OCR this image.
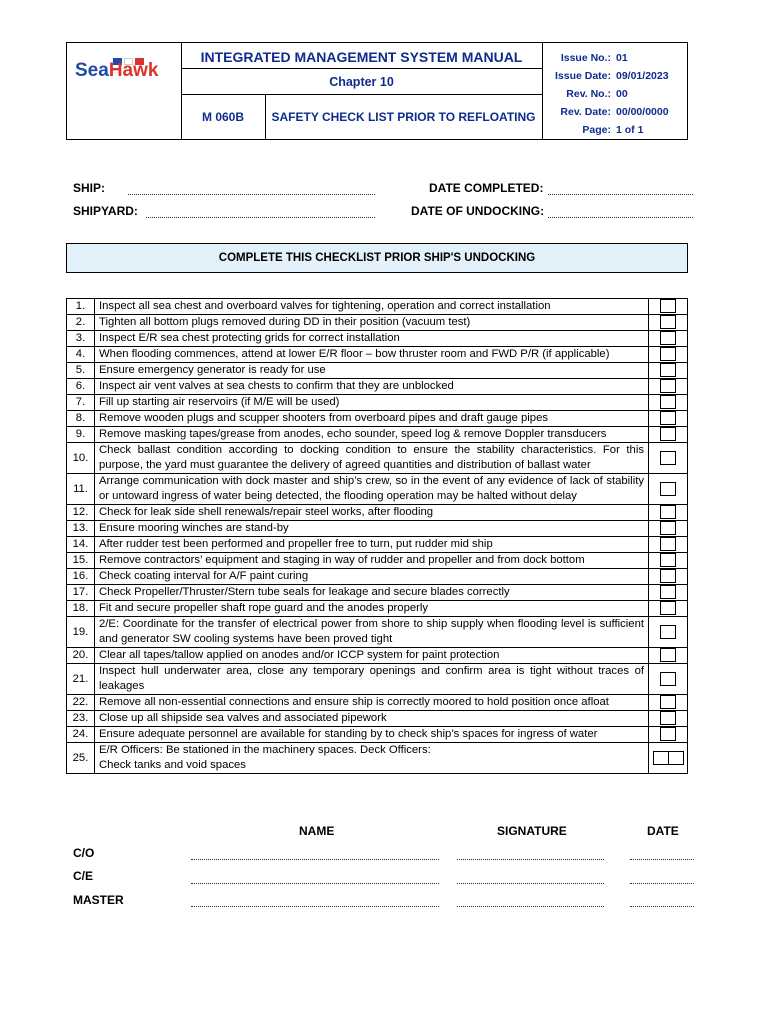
SeaHawk
INTEGRATED MANAGEMENT SYSTEM MANUAL
Chapter 10
M 060B	SAFETY CHECK LIST PRIOR TO REFLOATING
Issue No.: 01
Issue Date: 09/01/2023
Rev. No.: 00
Rev. Date: 00/00/0000
Page: 1 of 1
SHIP:
SHIPYARD:
DATE COMPLETED:
DATE OF UNDOCKING:
COMPLETE THIS CHECKLIST PRIOR SHIP'S UNDOCKING
1.	Inspect all sea chest and overboard valves for tightening, operation and correct installation	
2.	Tighten all bottom plugs removed during DD in their position (vacuum test)	
3.	Inspect E/R sea chest protecting grids for correct installation	
4.	When flooding commences, attend at lower E/R floor – bow thruster room and FWD P/R (if applicable)	
5.	Ensure emergency generator is ready for use	
6.	Inspect air vent valves at sea chests to confirm that they are unblocked	
7.	Fill up starting air reservoirs (if M/E will be used)	
8.	Remove wooden plugs and scupper shooters from overboard pipes and draft gauge pipes	
9.	Remove masking tapes/grease from anodes, echo sounder, speed log & remove Doppler transducers	
10.	Check ballast condition according to docking condition to ensure the stability characteristics. For this purpose, the yard must guarantee the delivery of agreed quantities and distribution of ballast water	
11.	Arrange communication with dock master and ship’s crew, so in the event of any evidence of lack of stability or untoward ingress of water being detected, the flooding operation may be halted without delay	
12.	Check for leak side shell renewals/repair steel works, after flooding	
13.	Ensure mooring winches are stand-by	
14.	After rudder test been performed and propeller free to turn, put rudder mid ship	
15.	Remove contractors’ equipment and staging in way of rudder and propeller and from dock bottom	
16.	Check coating interval for A/F paint curing	
17.	Check Propeller/Thruster/Stern tube seals for leakage and secure blades correctly	
18.	Fit and secure propeller shaft rope guard and the anodes properly	
19.	2/E: Coordinate for the transfer of electrical power from shore to ship supply when flooding level is sufficient and generator SW cooling systems have been proved tight	
20.	Clear all tapes/tallow applied on anodes and/or ICCP system for paint protection	
21.	Inspect hull underwater area, close any temporary openings and confirm area is tight without traces of leakages	
22.	Remove all non-essential connections and ensure ship is correctly moored to hold position once afloat	
23.	Close up all shipside sea valves and associated pipework	
24.	Ensure adequate personnel are available for standing by to check ship’s spaces for ingress of water	
25.	E/R Officers: Be stationed in the machinery spaces. Deck Officers:
Check tanks and void spaces	

NAME	SIGNATURE	DATE
C/O
C/E
MASTER
